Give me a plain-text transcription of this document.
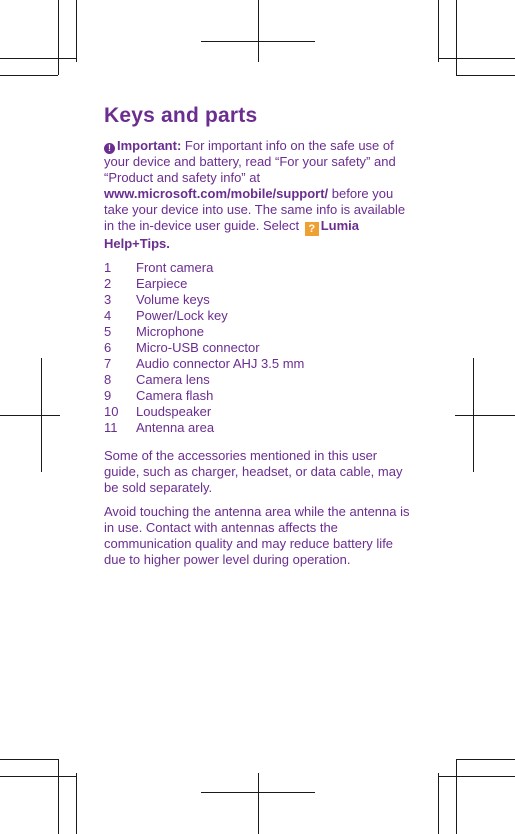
Keys and parts

! Important: For important info on the safe use of your device and battery, read “For your safety” and “Product and safety info” at www.microsoft.com/mobile/support/ before you take your device into use. The same info is available in the in-device user guide. Select ? Lumia Help+Tips.

1	Front camera
2	Earpiece
3	Volume keys
4	Power/Lock key
5	Microphone
6	Micro-USB connector
7	Audio connector AHJ 3.5 mm
8	Camera lens
9	Camera flash
10	Loudspeaker
11	Antenna area

Some of the accessories mentioned in this user guide, such as charger, headset, or data cable, may be sold separately.

Avoid touching the antenna area while the antenna is in use. Contact with antennas affects the communication quality and may reduce battery life due to higher power level during operation.
